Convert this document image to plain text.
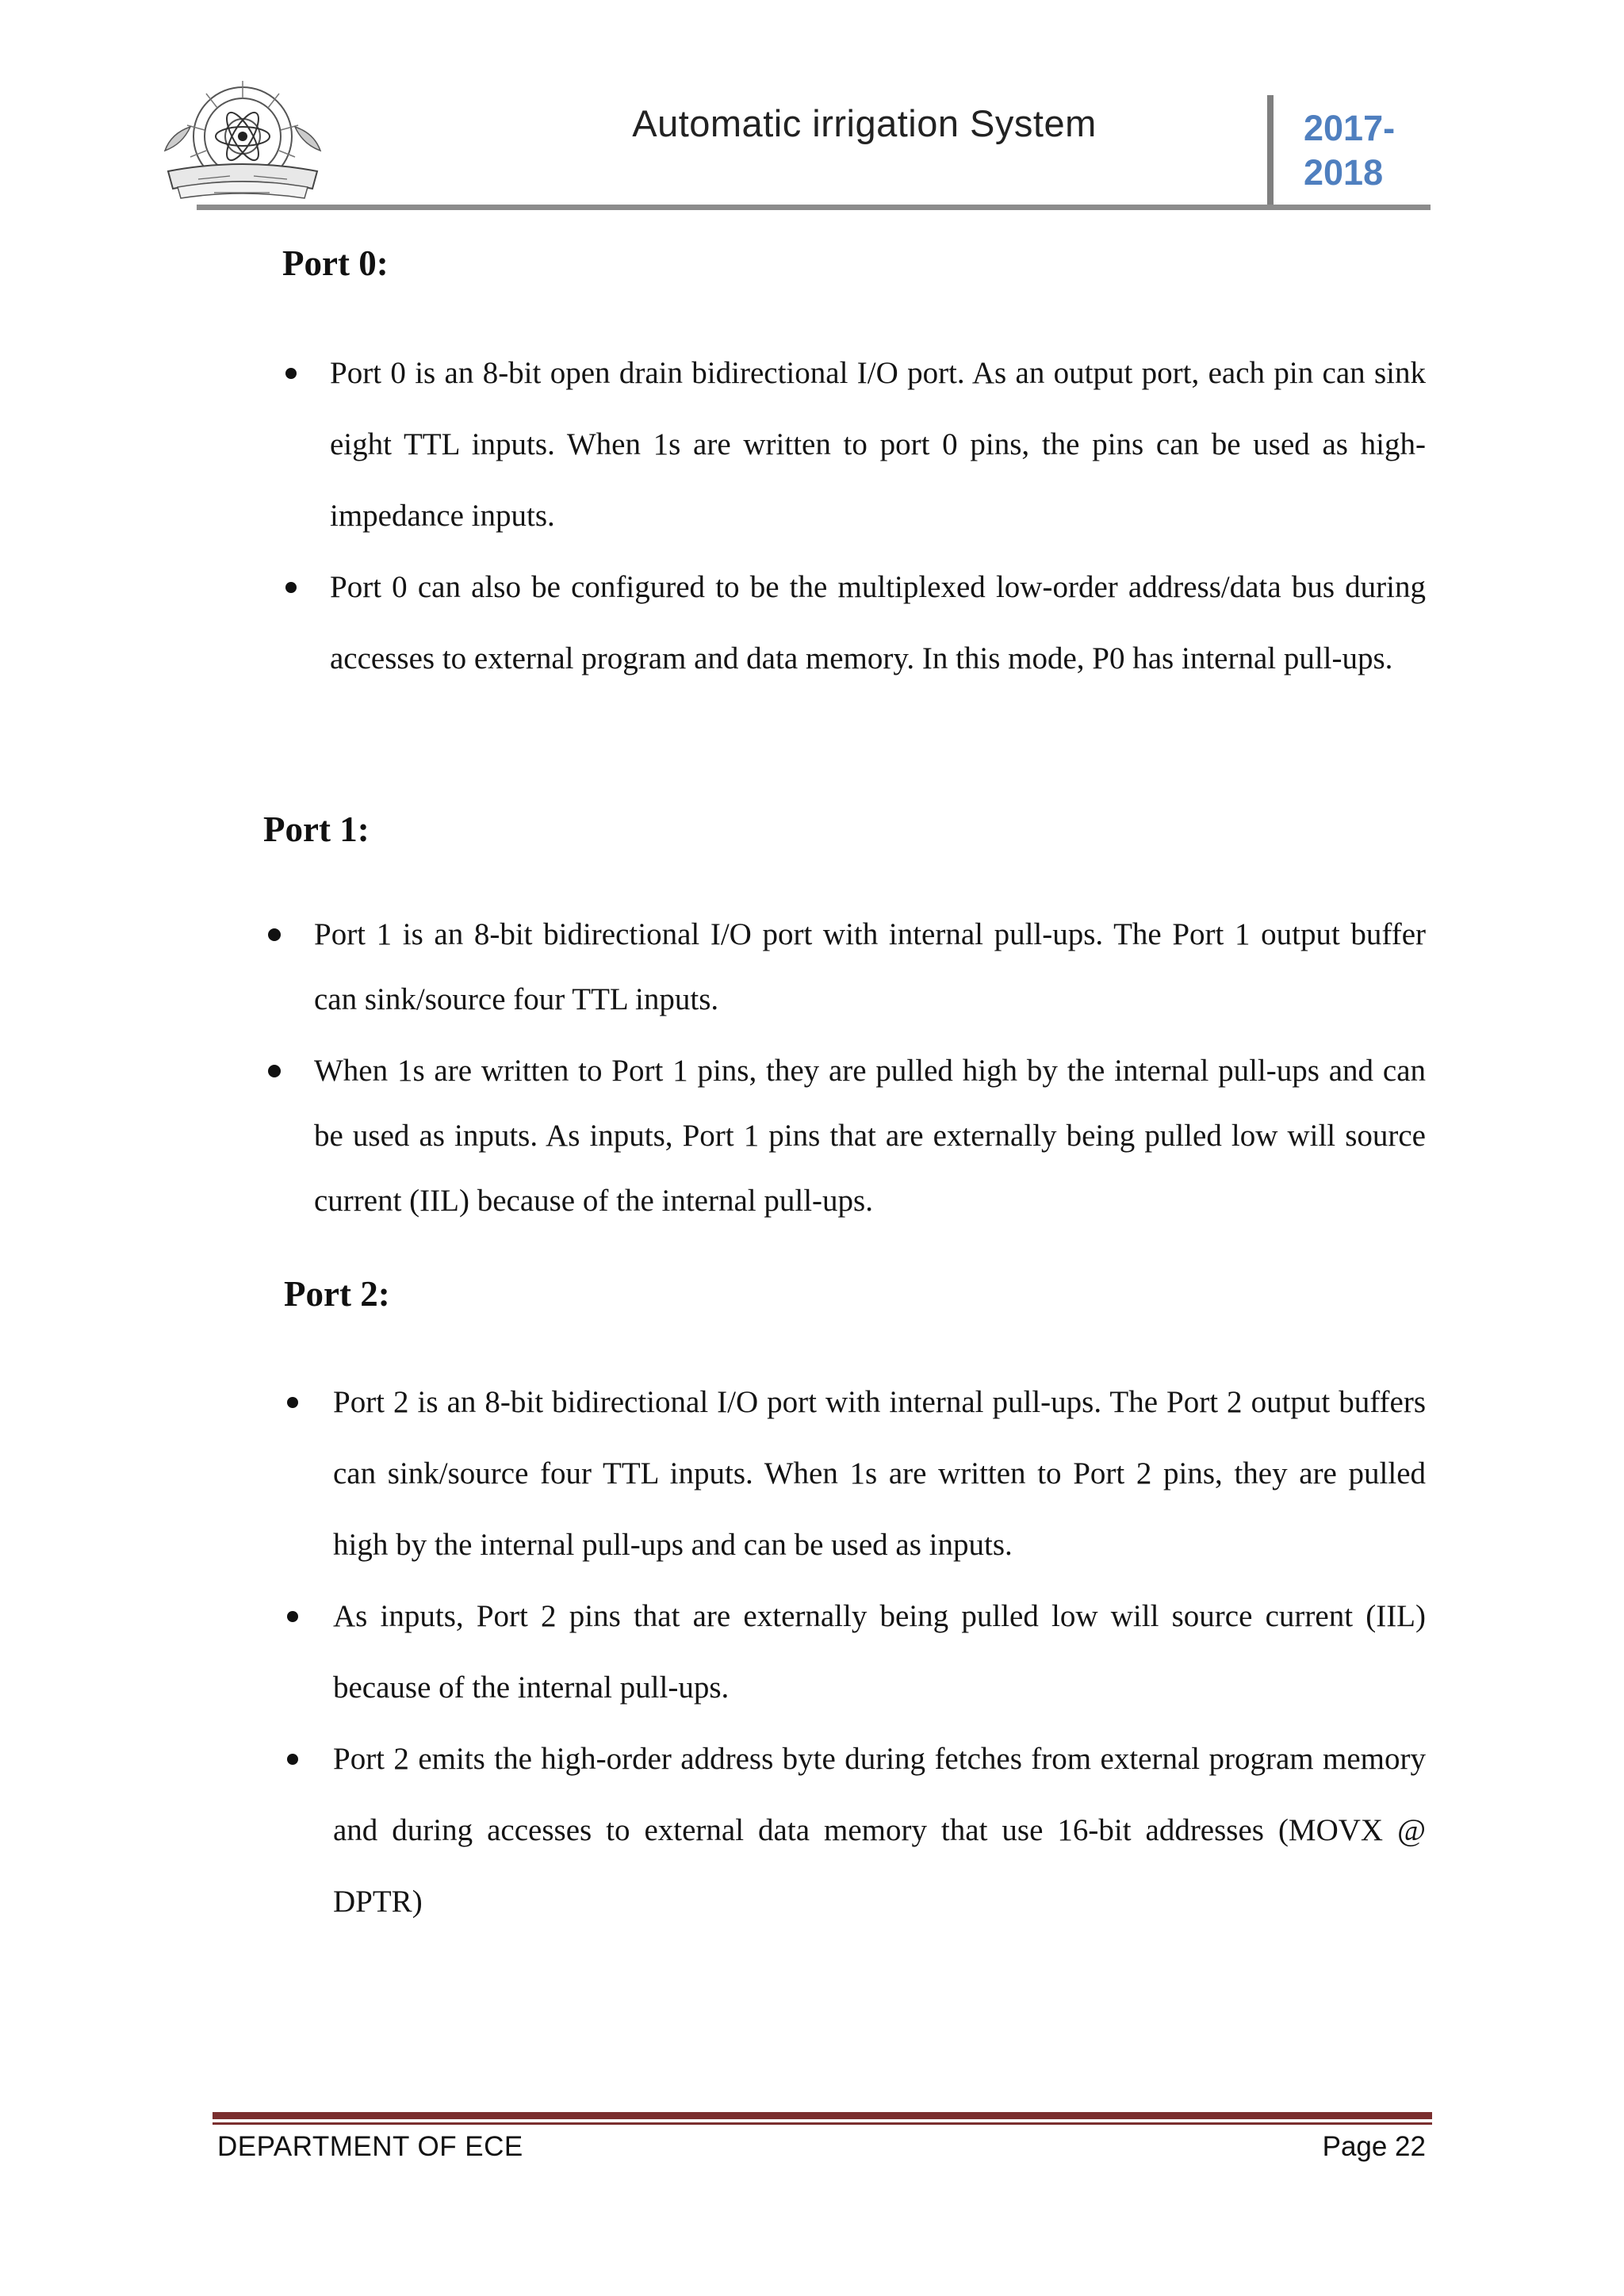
Automatic irrigation System	2017-
2018
Port 0:
Port 0 is an 8-bit open drain bidirectional I/O port. As an output port, each pin can sink eight TTL inputs. When 1s are written to port 0 pins, the pins can be used as high-impedance inputs.
Port 0 can also be configured to be the multiplexed low-order address/data bus during accesses to external program and data memory. In this mode, P0 has internal pull-ups.
Port 1:
Port 1 is an 8-bit bidirectional I/O port with internal pull-ups. The Port 1 output buffer can sink/source four TTL inputs.
When 1s are written to Port 1 pins, they are pulled high by the internal pull-ups and can be used as inputs. As inputs, Port 1 pins that are externally being pulled low will source current (IIL) because of the internal pull-ups.
Port 2:
Port 2 is an 8-bit bidirectional I/O port with internal pull-ups. The Port 2 output buffers can sink/source four TTL inputs. When 1s are written to Port 2 pins, they are pulled high by the internal pull-ups and can be used as inputs.
As inputs, Port 2 pins that are externally being pulled low will source current (IIL) because of the internal pull-ups.
Port 2 emits the high-order address byte during fetches from external program memory and during accesses to external data memory that use 16-bit addresses (MOVX @ DPTR)
DEPARTMENT OF ECE	Page 22
